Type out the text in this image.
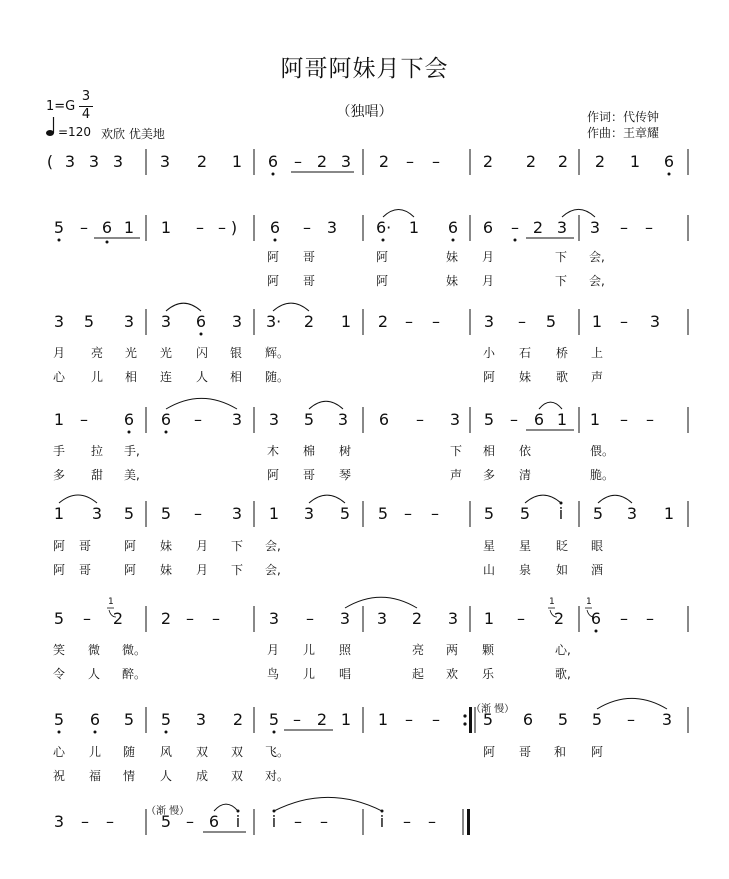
阿哥阿妹月下会
（独唱）
1=G
3
4
=120 欢欣 优美地
作词：代传钟
作曲：王章耀
( 3 3 3 3 2 1 6 – 2 3 2 – –	2 2 2 2 1 6
5 – 6 1 1 – – ) 6 – 3 6· 1 6 6 – 2 3 3 – –
阿 哥	阿	妹 月	下 会,
阿 哥	阿	妹 月	下 会,
3 5 3 3 6 3 3· 2 1 2 – –	3 – 5 1 – 3
月 亮 光 光 闪 银 辉。	小 石 桥 上
心 儿 相 连 人 相 随。	阿 妹 歌 声
1 – 6 6 – 3 3 5 3 6 – 3 5 – 6 1 1 – –
手 拉 手,	木 棉 树	下 相 依	偎。
多 甜 美,	阿 哥 琴	声 多 清	脆。
1 3 5 5 – 3 1 3 5 5 – –	5 5 i 5 3 1
阿 哥	阿 妹 月 下 会,	星 星 眨 眼
阿 哥	阿 妹 月 下 会,	山 泉 如 酒
5 – 2 2 – –	3 – 3 3 2 3 1 – 2 6 – –
笑 微 微。	月 儿 照	亮 两 颗	心,
令 人 醉。	鸟 儿 唱	起 欢 乐	歌,
5 6 5 5 3 2 5 – 2 1 1 – –	5 6 5 5 – 3
心 儿 随 风 双 双 飞。	阿 哥 和 阿
祝 福 情 人 成 双 对。
3 – –	5 – 6 i i – –	i – –
1	1	1
（渐 慢）
（渐 慢）
